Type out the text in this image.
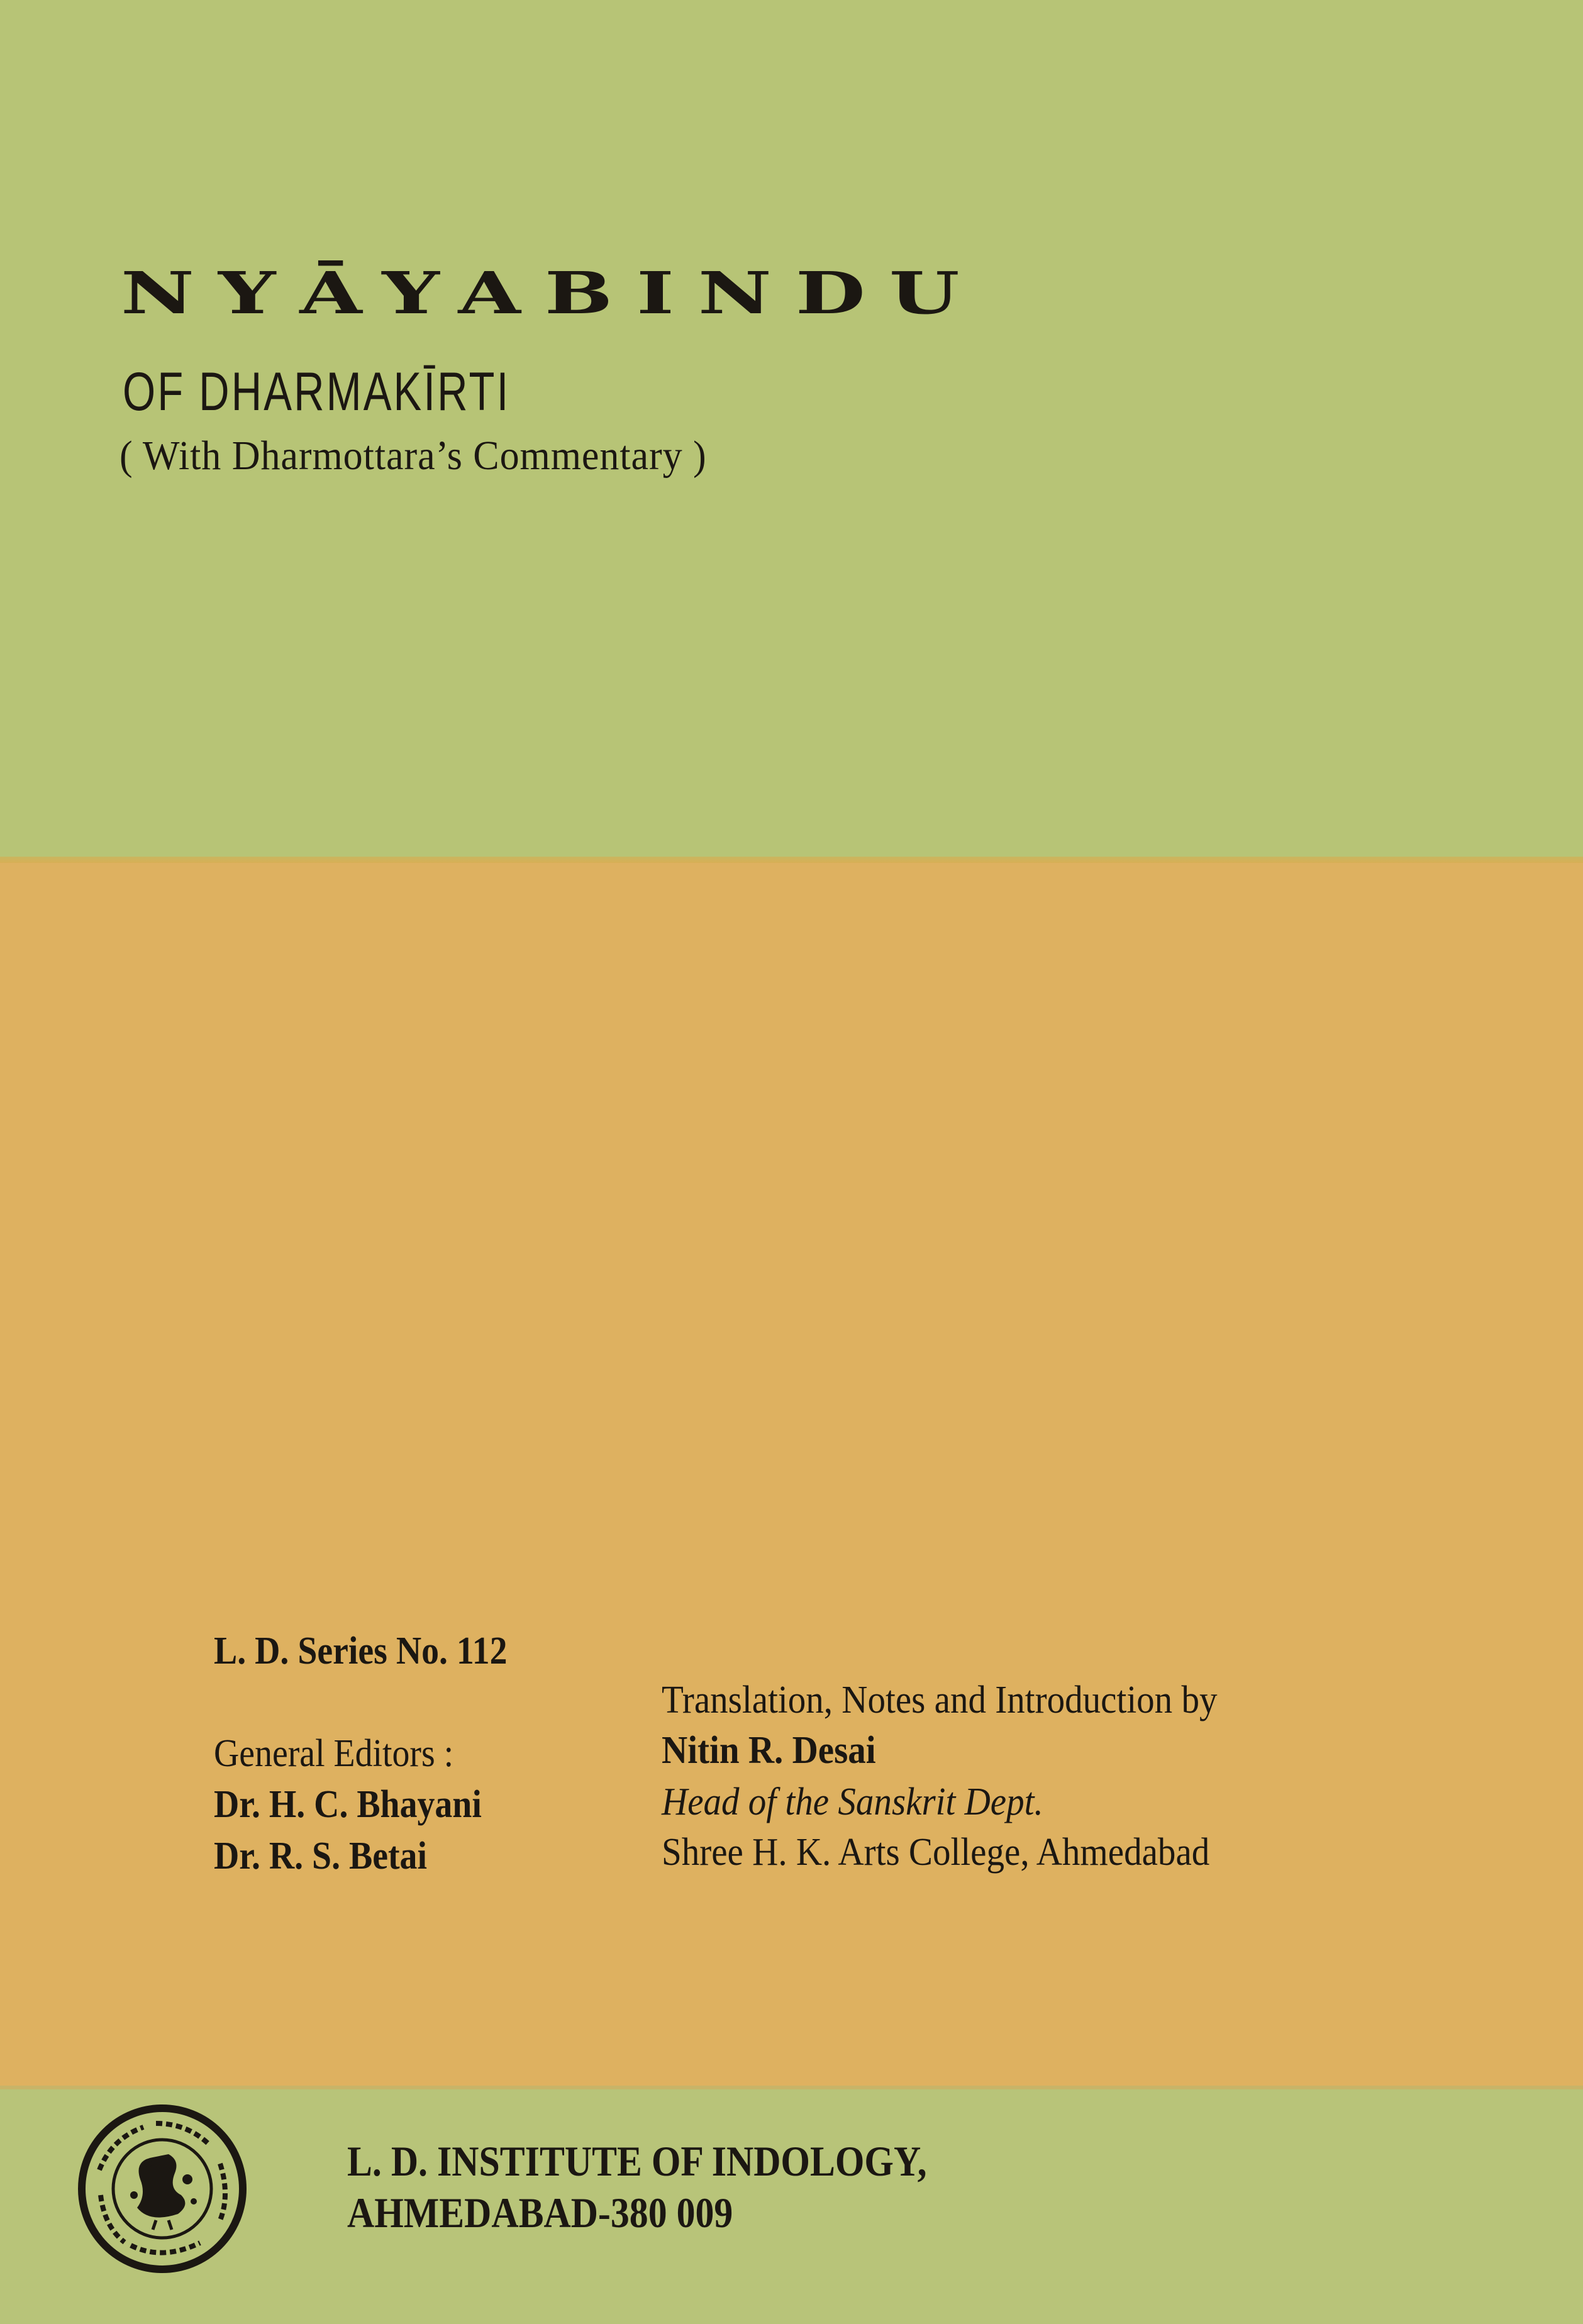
NYĀYABINDU
OF DHARMAKĪRTI
( With Dharmottara’s Commentary )
L. D. Series No. 112
General Editors :
Dr. H. C. Bhayani
Dr. R. S. Betai
Translation, Notes and Introduction by
Nitin R. Desai
Head of the Sanskrit Dept.
Shree H. K. Arts College, Ahmedabad
L. D. INSTITUTE OF INDOLOGY,
AHMEDABAD-380 009
